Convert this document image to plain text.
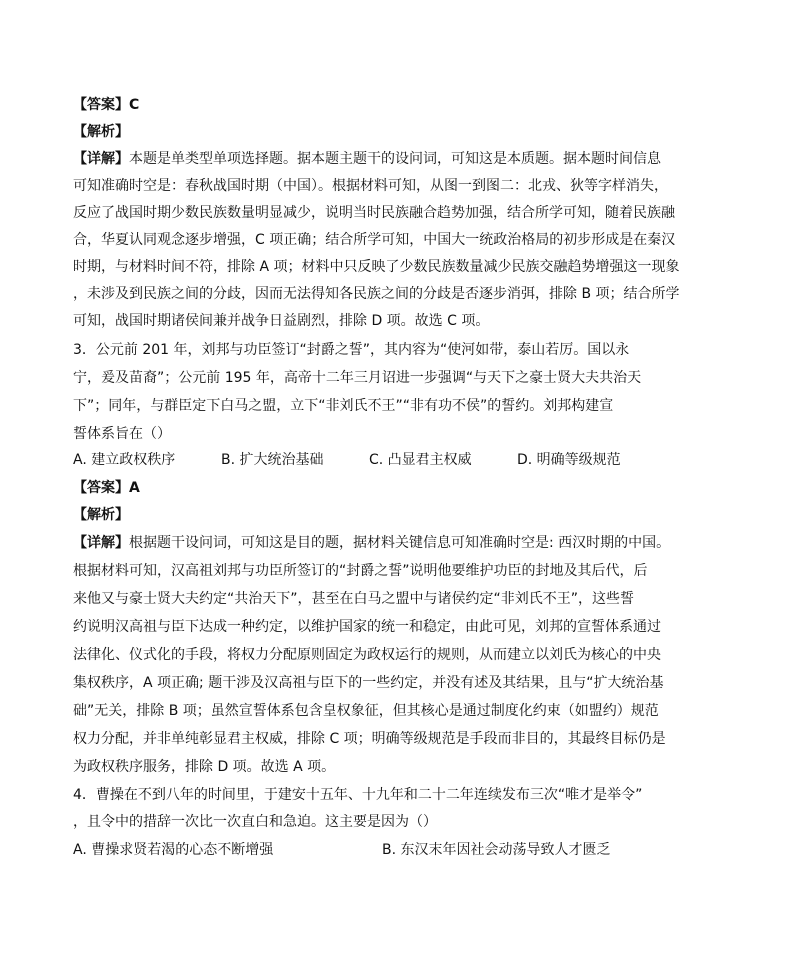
【答案】C
【解析】
【详解】本题是单类型单项选择题。据本题主题干的设问词，可知这是本质题。据本题时间信息
可知准确时空是：春秋战国时期（中国）。根据材料可知，从图一到图二：北戎、狄等字样消失，
反应了战国时期少数民族数量明显减少，说明当时民族融合趋势加强，结合所学可知，随着民族融
合，华夏认同观念逐步增强，C 项正确；结合所学可知，中国大一统政治格局的初步形成是在秦汉
时期，与材料时间不符，排除 A 项；材料中只反映了少数民族数量减少民族交融趋势增强这一现象
，未涉及到民族之间的分歧，因而无法得知各民族之间的分歧是否逐步消弭，排除 B 项；结合所学
可知，战国时期诸侯间兼并战争日益剧烈，排除 D 项。故选 C 项。
3．公元前 201 年，刘邦与功臣签订“封爵之誓”，其内容为“使河如带，泰山若厉。国以永
宁，爰及苗裔”；公元前 195 年，高帝十二年三月诏进一步强调“与天下之豪士贤大夫共治天
下”；同年，与群臣定下白马之盟，立下“非刘氏不王”“非有功不侯”的誓约。刘邦构建宣
誓体系旨在（）
A. 建立政权秩序	B. 扩大统治基础	C. 凸显君主权威	D. 明确等级规范
【答案】A
【解析】
【详解】根据题干设问词，可知这是目的题，据材料关键信息可知准确时空是: 西汉时期的中国。
根据材料可知，汉高祖刘邦与功臣所签订的“封爵之誓”说明他要维护功臣的封地及其后代，后
来他又与豪士贤大夫约定“共治天下”，甚至在白马之盟中与诸侯约定“非刘氏不王”，这些誓
约说明汉高祖与臣下达成一种约定，以维护国家的统一和稳定，由此可见，刘邦的宣誓体系通过
法律化、仪式化的手段，将权力分配原则固定为政权运行的规则，从而建立以刘氏为核心的中央
集权秩序，A 项正确; 题干涉及汉高祖与臣下的一些约定，并没有述及其结果，且与“扩大统治基
础”无关，排除 B 项；虽然宣誓体系包含皇权象征，但其核心是通过制度化约束（如盟约）规范
权力分配，并非单纯彰显君主权威，排除 C 项；明确等级规范是手段而非目的，其最终目标仍是
为政权秩序服务，排除 D 项。故选 A 项。
4．曹操在不到八年的时间里，于建安十五年、十九年和二十二年连续发布三次“唯才是举令”
，且令中的措辞一次比一次直白和急迫。这主要是因为（）
A. 曹操求贤若渴的心态不断增强	B. 东汉末年因社会动荡导致人才匮乏
